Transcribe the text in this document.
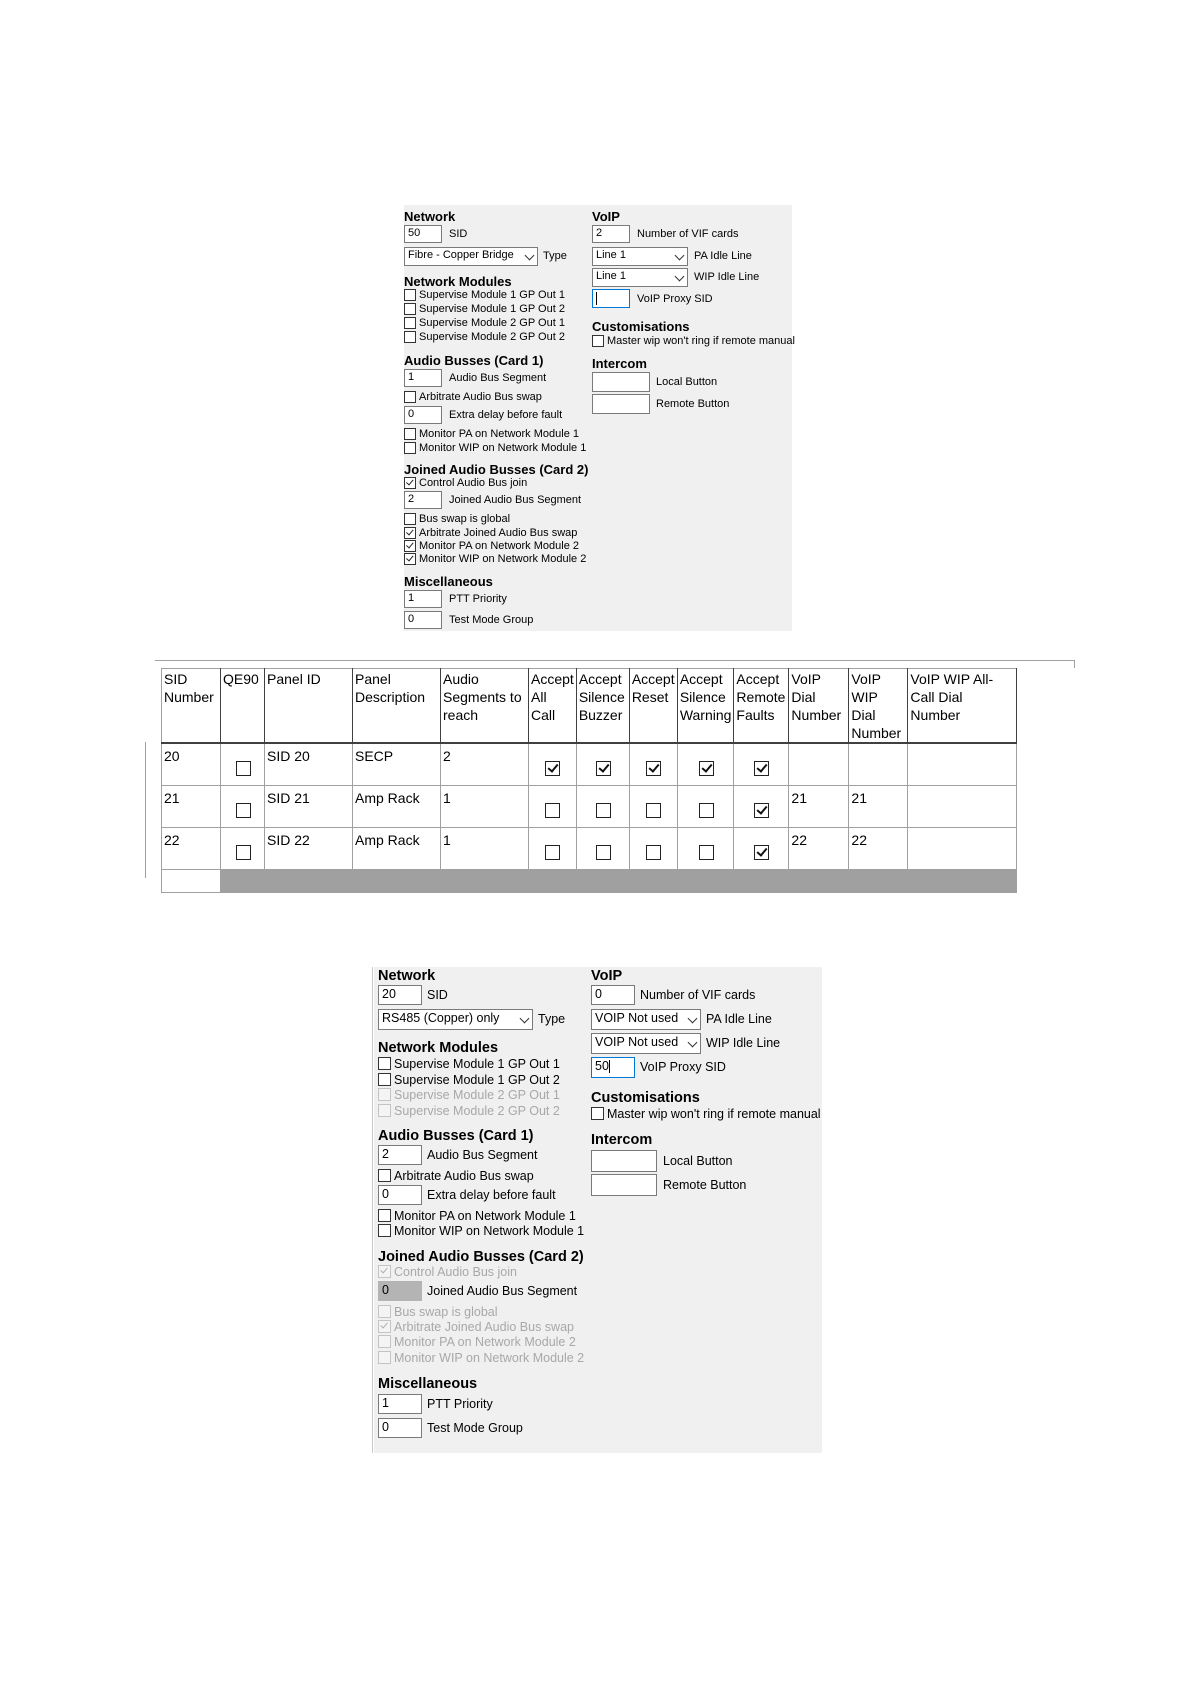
Network
50	SID
Fibre - Copper Bridge	Type
Network Modules
Supervise Module 1 GP Out 1
Supervise Module 1 GP Out 2
Supervise Module 2 GP Out 1
Supervise Module 2 GP Out 2
Audio Busses (Card 1)
1	Audio Bus Segment
Arbitrate Audio Bus swap
0	Extra delay before fault
Monitor PA on Network Module 1
Monitor WIP on Network Module 1
Joined Audio Busses (Card 2)
Control Audio Bus join
2	Joined Audio Bus Segment
Bus swap is global
Arbitrate Joined Audio Bus swap
Monitor PA on Network Module 2
Monitor WIP on Network Module 2
Miscellaneous
1	PTT Priority
0	Test Mode Group
VoIP
2	Number of VIF cards
Line 1	PA Idle Line
Line 1	WIP Idle Line
VoIP Proxy SID
Customisations
Master wip won't ring if remote manual
Intercom
Local Button
Remote Button
SID Number	QE90	Panel ID	Panel Description	Audio Segments to reach	Accept All Call	Accept Silence Buzzer	Accept Reset	Accept Silence Warning	Accept Remote Faults	VoIP Dial Number	VoIP WIP Dial Number	VoIP WIP All-Call Dial Number
20		SID 20	SECP	2	

21		SID 21	Amp Rack	1						21	21	
22		SID 22	Amp Rack	1						22	22	

Network
20	SID
RS485 (Copper) only	Type
Network Modules
Supervise Module 1 GP Out 1
Supervise Module 1 GP Out 2
Supervise Module 2 GP Out 1
Supervise Module 2 GP Out 2
Audio Busses (Card 1)
2	Audio Bus Segment
Arbitrate Audio Bus swap
0	Extra delay before fault
Monitor PA on Network Module 1
Monitor WIP on Network Module 1
Joined Audio Busses (Card 2)
Control Audio Bus join
0	Joined Audio Bus Segment
Bus swap is global
Arbitrate Joined Audio Bus swap
Monitor PA on Network Module 2
Monitor WIP on Network Module 2
Miscellaneous
1	PTT Priority
0	Test Mode Group
VoIP
0	Number of VIF cards
VOIP Not used	PA Idle Line
VOIP Not used	WIP Idle Line
50	VoIP Proxy SID
Customisations
Master wip won't ring if remote manual
Intercom
Local Button
Remote Button
